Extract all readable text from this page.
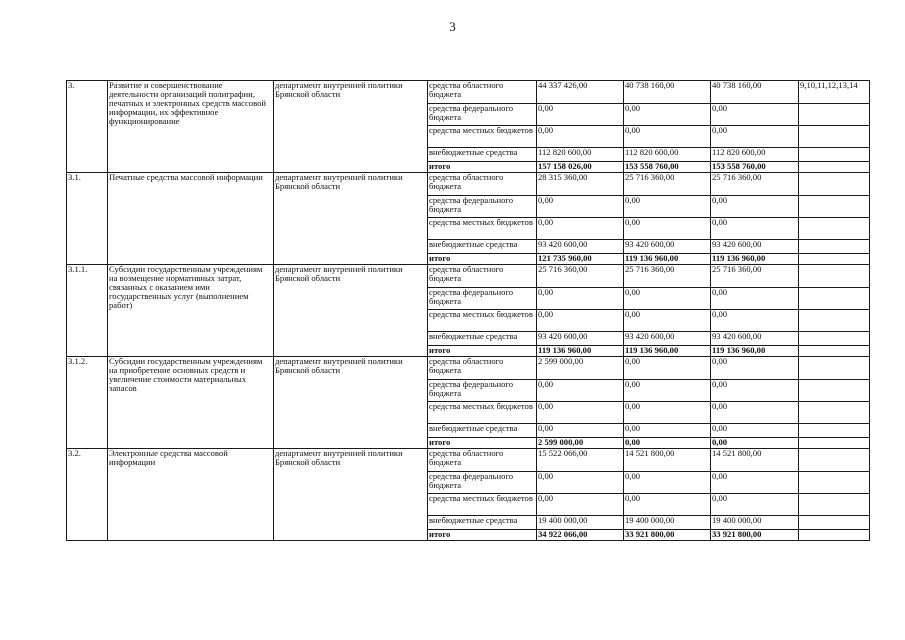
3
3.	Развитие и совершенствование деятельности организаций полиграфии, печатных и электронных средств массовой информации, их эффективное функционирование	департамент внутренней политики Брянской области	средства областного бюджета	44 337 426,00	40 738 160,00	40 738 160,00	9,10,11,12,13,14
			средства федерального бюджета	0,00	0,00	0,00	
			средства местных бюджетов	0,00	0,00	0,00	
			внебюджетные средства	112 820 600,00	112 820 600,00	112 820 600,00	
			итого	157 158 026,00	153 558 760,00	153 558 760,00	
3.1.	Печатные средства массовой информации	департамент внутренней политики Брянской области	средства областного бюджета	28 315 360,00	25 716 360,00	25 716 360,00	
			средства федерального бюджета	0,00	0,00	0,00	
			средства местных бюджетов	0,00	0,00	0,00	
			внебюджетные средства	93 420 600,00	93 420 600,00	93 420 600,00	
			итого	121 735 960,00	119 136 960,00	119 136 960,00	
3.1.1.	Субсидии государственным учреждениям на возмещение нормативных затрат, связанных с оказанием ими государственных услуг (выполнением работ)	департамент внутренней политики Брянской области	средства областного бюджета	25 716 360,00	25 716 360,00	25 716 360,00	
			средства федерального бюджета	0,00	0,00	0,00	
			средства местных бюджетов	0,00	0,00	0,00	
			внебюджетные средства	93 420 600,00	93 420 600,00	93 420 600,00	
			итого	119 136 960,00	119 136 960,00	119 136 960,00	
3.1.2.	Субсидии государственным учреждениям на приобретение основных средств и увеличение стоимости материальных запасов	департамент внутренней политики Брянской области	средства областного бюджета	2 599 000,00	0,00	0,00	
			средства федерального бюджета	0,00	0,00	0,00	
			средства местных бюджетов	0,00	0,00	0,00	
			внебюджетные средства	0,00	0,00	0,00	
			итого	2 599 000,00	0,00	0,00	
3.2.	Электронные средства массовой информации	департамент внутренней политики Брянской области	средства областного бюджета	15 522 066,00	14 521 800,00	14 521 800,00	
			средства федерального бюджета	0,00	0,00	0,00	
			средства местных бюджетов	0,00	0,00	0,00	
			внебюджетные средства	19 400 000,00	19 400 000,00	19 400 000,00	
			итого	34 922 066,00	33 921 800,00	33 921 800,00	
